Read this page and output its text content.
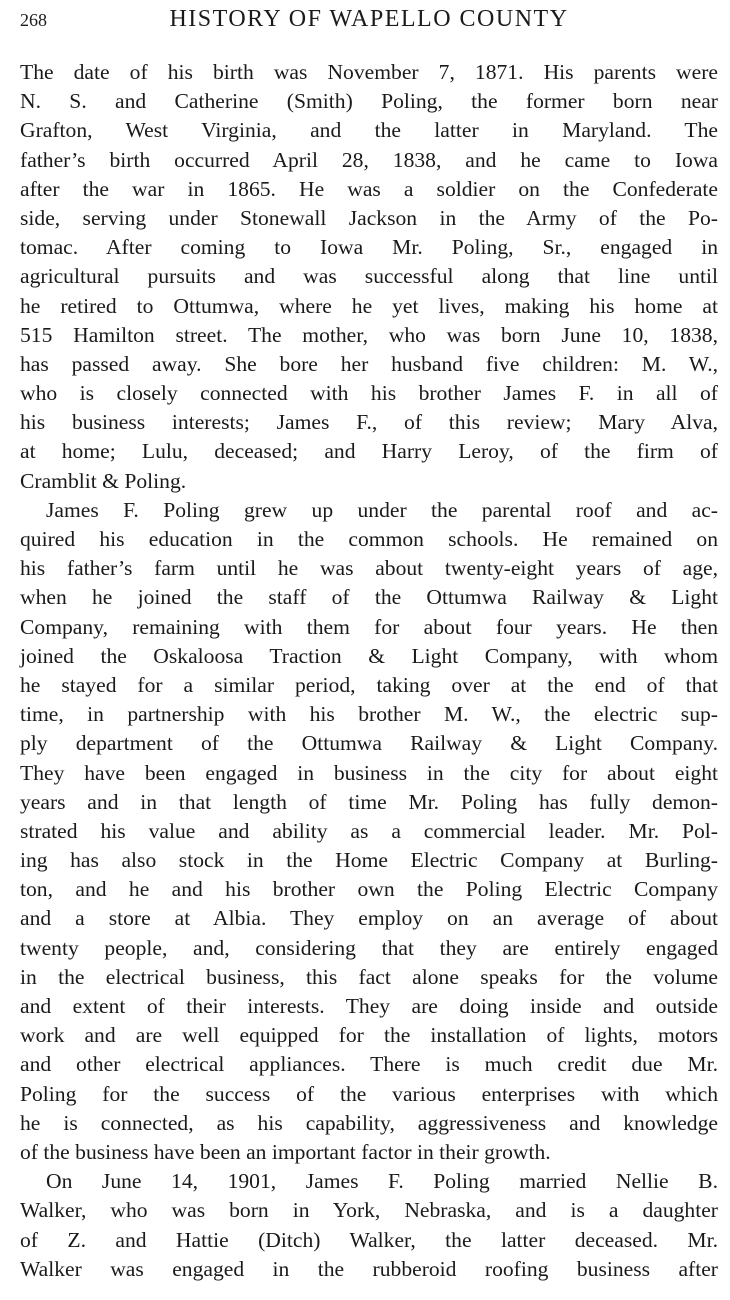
268	HISTORY OF WAPELLO COUNTY
The date of his birth was November 7, 1871. His parents were
N. S. and Catherine (Smith) Poling, the former born near
Grafton, West Virginia, and the latter in Maryland. The
father’s birth occurred April 28, 1838, and he came to Iowa
after the war in 1865. He was a soldier on the Confederate
side, serving under Stonewall Jackson in the Army of the Po-
tomac. After coming to Iowa Mr. Poling, Sr., engaged in
agricultural pursuits and was successful along that line until
he retired to Ottumwa, where he yet lives, making his home at
515 Hamilton street. The mother, who was born June 10, 1838,
has passed away. She bore her husband five children: M. W.,
who is closely connected with his brother James F. in all of
his business interests; James F., of this review; Mary Alva,
at home; Lulu, deceased; and Harry Leroy, of the firm of
Cramblit & Poling.
James F. Poling grew up under the parental roof and ac-
quired his education in the common schools. He remained on
his father’s farm until he was about twenty-eight years of age,
when he joined the staff of the Ottumwa Railway & Light
Company, remaining with them for about four years. He then
joined the Oskaloosa Traction & Light Company, with whom
he stayed for a similar period, taking over at the end of that
time, in partnership with his brother M. W., the electric sup-
ply department of the Ottumwa Railway & Light Company.
They have been engaged in business in the city for about eight
years and in that length of time Mr. Poling has fully demon-
strated his value and ability as a commercial leader. Mr. Pol-
ing has also stock in the Home Electric Company at Burling-
ton, and he and his brother own the Poling Electric Company
and a store at Albia. They employ on an average of about
twenty people, and, considering that they are entirely engaged
in the electrical business, this fact alone speaks for the volume
and extent of their interests. They are doing inside and outside
work and are well equipped for the installation of lights, motors
and other electrical appliances. There is much credit due Mr.
Poling for the success of the various enterprises with which
he is connected, as his capability, aggressiveness and knowledge
of the business have been an important factor in their growth.
On June 14, 1901, James F. Poling married Nellie B.
Walker, who was born in York, Nebraska, and is a daughter
of Z. and Hattie (Ditch) Walker, the latter deceased. Mr.
Walker was engaged in the rubberoid roofing business after
